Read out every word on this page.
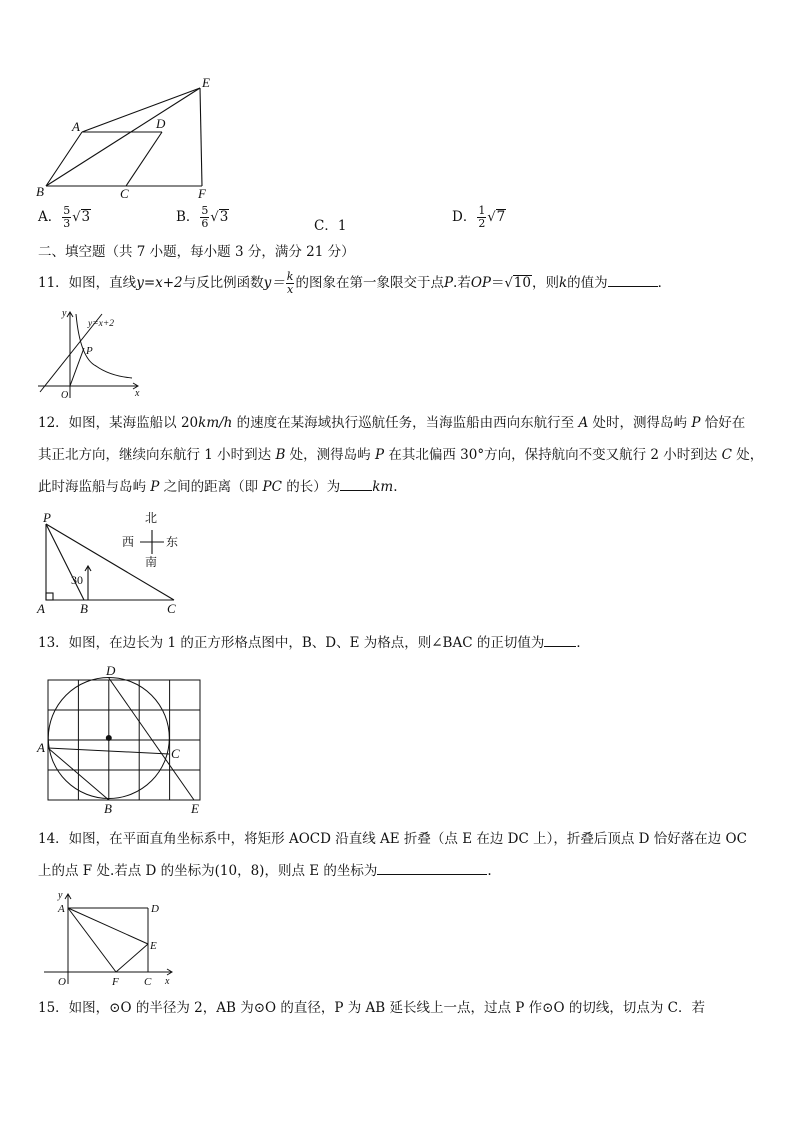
A	D
E
B	C	F
A． $\frac{5}{3} √3$	B． $\frac{5}{6} √3$
C．1
D． $\frac{1}{2} √7$
二、填空题（共 7 小题，每小题 3 分，满分 21 分）
11．如图，直线y=x+2与反比例函数$y= \frac{k}{x}$ 的图象在第一象限交于点P.若OP＝√10，则k的值为	．
y
y=x+2
P
O	x
12．如图，某海监船以 20km/h 的速度在某海域执行巡航任务，当海监船由西向东航行至 A 处时，测得岛屿 P 恰好在
其正北方向，继续向东航行 1 小时到达 B 处，测得岛屿 P 在其北偏西 30°方向，保持航向不变又航行 2 小时到达 C 处，
此时海监船与岛屿 P 之间的距离（即 PC 的长）为 km.
P
A	B	C
30
北
南
西	东
13．如图，在边长为 1 的正方形格点图中，B、D、E 为格点，则∠BAC 的正切值为 ．
D
A	C
B	E
14．如图，在平面直角坐标系中，将矩形 AOCD 沿直线 AE 折叠（点 E 在边 DC 上），折叠后顶点 D 恰好落在边 OC
上的点 F 处.若点 D 的坐标为(10，8)，则点 E 的坐标为	.
y
A	D
E
O	F C x
15．如图，⊙O 的半径为 2，AB 为⊙O 的直径，P 为 AB 延长线上一点，过点 P 作⊙O 的切线，切点为 C．若
